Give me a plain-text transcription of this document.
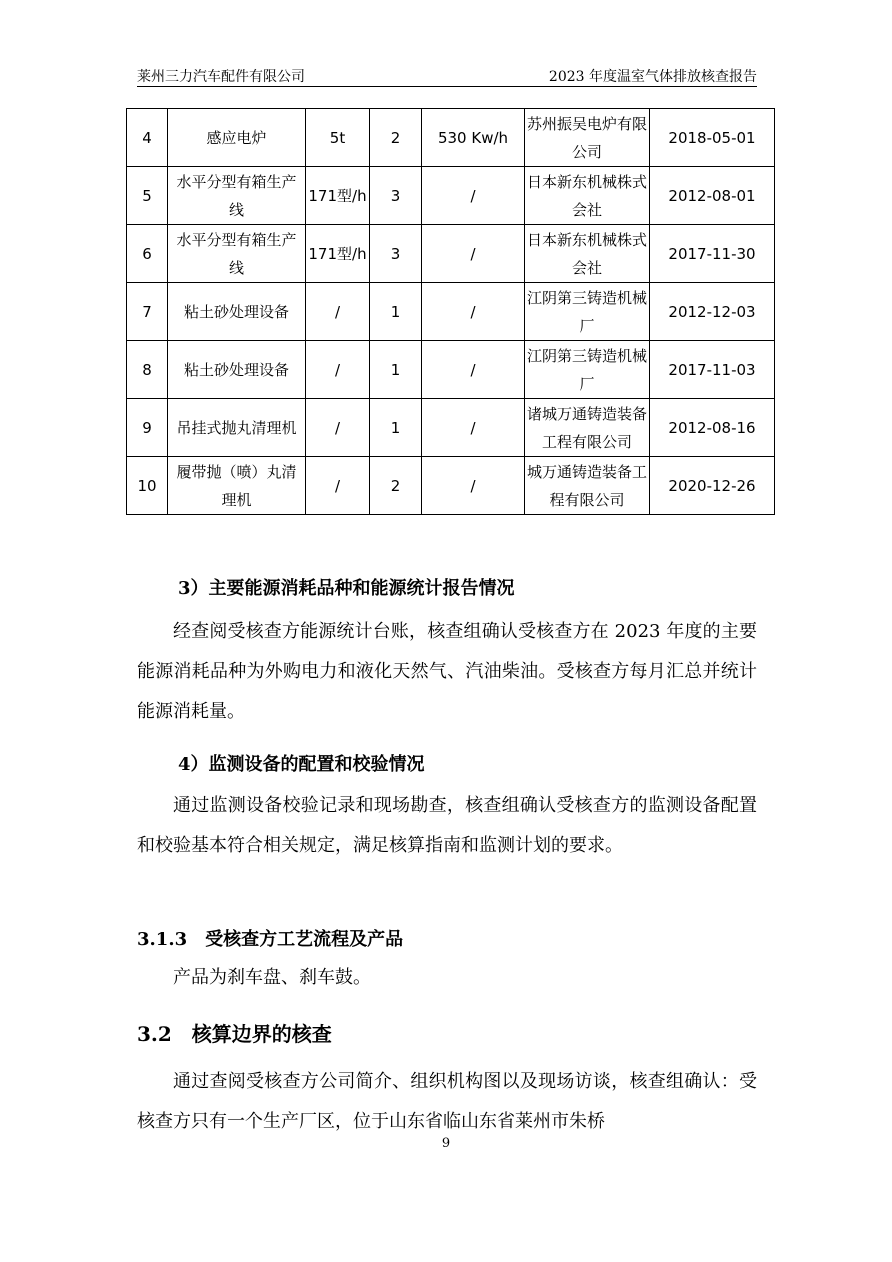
莱州三力汽车配件有限公司	2023 年度温室气体排放核查报告
4	感应电炉	5t	2	530 Kw/h	苏州振吴电炉有限公司	2018-05-01
5	水平分型有箱生产线	171型/h	3	/	日本新东机械株式会社	2012-08-01
6	水平分型有箱生产线	171型/h	3	/	日本新东机械株式会社	2017-11-30
7	粘土砂处理设备	/	1	/	江阴第三铸造机械厂	2012-12-03
8	粘土砂处理设备	/	1	/	江阴第三铸造机械厂	2017-11-03
9	吊挂式抛丸清理机	/	1	/	诸城万通铸造装备工程有限公司	2012-08-16
10	履带抛（喷）丸清理机	/	2	/	城万通铸造装备工程有限公司	2020-12-26
3）主要能源消耗品种和能源统计报告情况
经查阅受核查方能源统计台账，核查组确认受核查方在 2023 年度的主要能源消耗品种为外购电力和液化天然气、汽油柴油。受核查方每月汇总并统计能源消耗量。
4）监测设备的配置和校验情况
通过监测设备校验记录和现场勘查，核查组确认受核查方的监测设备配置和校验基本符合相关规定，满足核算指南和监测计划的要求。
3.1.3　受核查方工艺流程及产品
产品为刹车盘、刹车鼓。
3.2　核算边界的核查
通过查阅受核查方公司简介、组织机构图以及现场访谈，核查组确认：受核查方只有一个生产厂区，位于山东省临山东省莱州市朱桥
9
